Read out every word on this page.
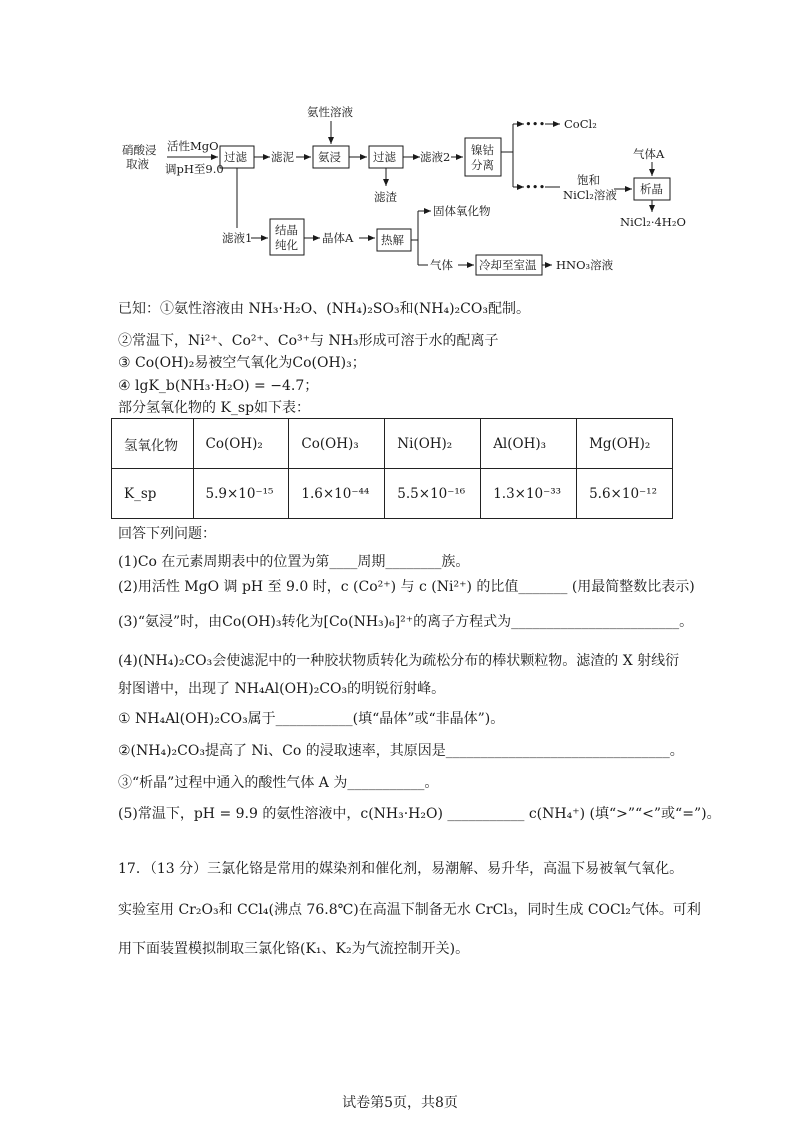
硝酸浸
取液
活性MgO
调pH至9.0
过滤 滤泥
氨性溶液
氨浸	过滤 滤液2
滤渣
镍钴
分离
••• CoCl₂
•••	饱和
NiCl₂溶液
气体A
析晶
NiCl₂·4H₂O
滤液1
结晶
纯化 晶体A 热解
固体氧化物
气体 冷却至室温 HNO₃溶液
已知：①氨性溶液由 NH₃·H₂O、(NH₄)₂SO₃和(NH₄)₂CO₃配制。
②常温下，Ni²⁺、Co²⁺、Co³⁺与 NH₃形成可溶于水的配离子
③ Co(OH)₂易被空气氧化为Co(OH)₃；
④ lgK_b(NH₃·H₂O) = −4.7；
部分氢氧化物的 K_sp如下表：
氢氧化物	Co(OH)₂	Co(OH)₃	Ni(OH)₂	Al(OH)₃	Mg(OH)₂
K_sp	5.9×10⁻¹⁵	1.6×10⁻⁴⁴	5.5×10⁻¹⁶	1.3×10⁻³³	5.6×10⁻¹²
回答下列问题：
(1)Co 在元素周期表中的位置为第____周期________族。
(2)用活性 MgO 调 pH 至 9.0 时，c (Co²⁺) 与 c (Ni²⁺) 的比值_______ (用最简整数比表示)
(3)“氨浸”时，由Co(OH)₃转化为[Co(NH₃)₆]²⁺的离子方程式为________________________。
(4)(NH₄)₂CO₃会使滤泥中的一种胶状物质转化为疏松分布的棒状颗粒物。滤渣的 X 射线衍
射图谱中，出现了 NH₄Al(OH)₂CO₃的明锐衍射峰。
① NH₄Al(OH)₂CO₃属于___________(填“晶体”或“非晶体”)。
②(NH₄)₂CO₃提高了 Ni、Co 的浸取速率，其原因是________________________________。
③“析晶”过程中通入的酸性气体 A 为___________。
(5)常温下，pH = 9.9 的氨性溶液中，c(NH₃·H₂O) ___________ c(NH₄⁺) (填“>”“<”或“=”)。
17．（13 分）三氯化铬是常用的媒染剂和催化剂，易潮解、易升华，高温下易被氧气氧化。
实验室用 Cr₂O₃和 CCl₄(沸点 76.8℃)在高温下制备无水 CrCl₃，同时生成 COCl₂气体。可利
用下面装置模拟制取三氯化铬(K₁、K₂为气流控制开关)。
试卷第5页，共8页
